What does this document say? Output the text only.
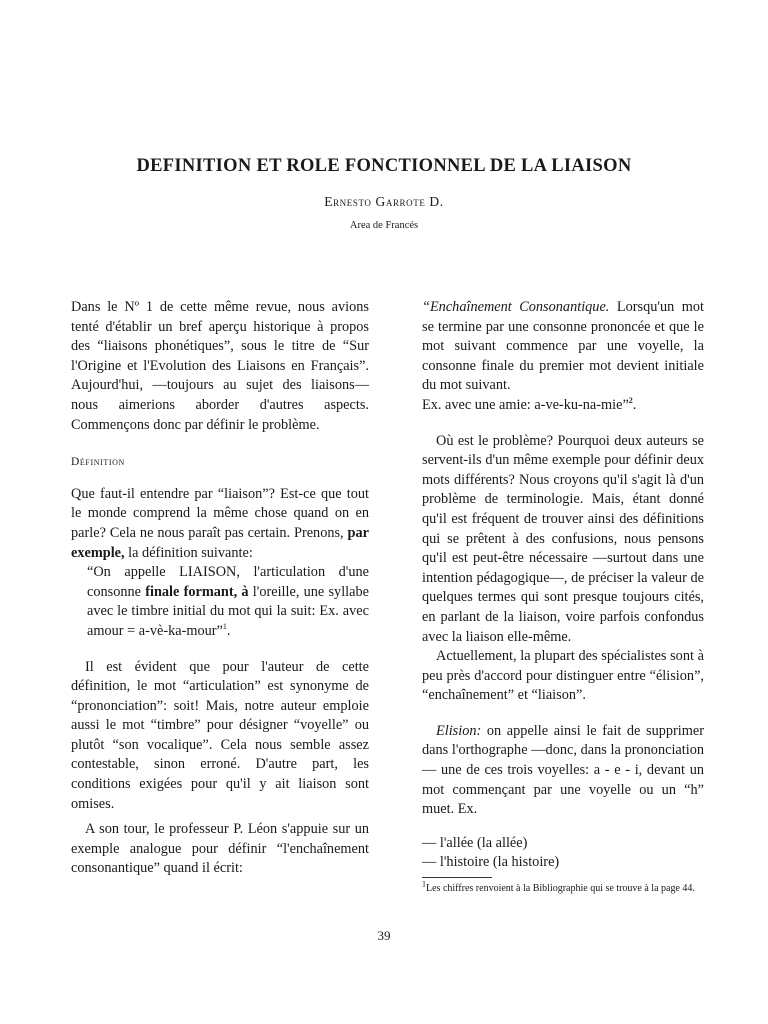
DEFINITION ET ROLE FONCTIONNEL DE LA LIAISON
Ernesto Garrote D.
Area de Francés

Dans le Nº 1 de cette même revue, nous avions tenté d'établir un bref aperçu historique à propos des “liaisons phonétiques”, sous le titre de “Sur l'Origine et l'Evolution des Liaisons en Français”. Aujourd'hui, —toujours au sujet des liaisons— nous aimerions aborder d'autres aspects. Commençons donc par définir le problème.

Définition

Que faut-il entendre par “liaison”? Est-ce que tout le monde comprend la même chose quand on en parle? Cela ne nous paraît pas certain. Prenons, par exemple, la définition suivante:

“On appelle LIAISON, l'articulation d'une consonne finale formant, à l'oreille, une syllabe avec le timbre initial du mot qui la suit: Ex. avec amour = a-vè-ka-mour”$^1$.

Il est évident que pour l'auteur de cette définition, le mot “articulation” est synonyme de “prononciation”: soit! Mais, notre auteur emploie aussi le mot “timbre” pour désigner “voyelle” ou plutôt “son vocalique”. Cela nous semble assez contestable, sinon erroné. D'autre part, les conditions exigées pour qu'il y ait liaison sont omises.

A son tour, le professeur P. Léon s'appuie sur un exemple analogue pour définir “l'enchaînement consonantique” quand il écrit:

“Enchaînement Consonantique. Lorsqu'un mot se termine par une consonne prononcée et que le mot suivant commence par une voyelle, la consonne finale du premier mot devient initiale du mot suivant.
Ex. avec une amie: a-ve-ku-na-mie”$^2$.

Où est le problème? Pourquoi deux auteurs se servent-ils d'un même exemple pour définir deux mots différents? Nous croyons qu'il s'agit là d'un problème de terminologie. Mais, étant donné qu'il est fréquent de trouver ainsi des définitions qui se prêtent à des confusions, nous pensons qu'il est peut-être nécessaire —surtout dans une intention pédagogique—, de préciser la valeur de quelques termes qui sont presque toujours cités, en parlant de la liaison, voire parfois confondus avec la liaison elle-même.

Actuellement, la plupart des spécialistes sont à peu près d'accord pour distinguer entre “élision”, “enchaînement” et “liaison”.

Elision: on appelle ainsi le fait de supprimer dans l'orthographe —donc, dans la prononciation— une de ces trois voyelles: a - e - i, devant un mot commençant par une voyelle ou un “h” muet. Ex.

— l'allée (la allée)
— l'histoire (la histoire)

$^1$Les chiffres renvoient à la Bibliographie qui se trouve à la page 44.

39
